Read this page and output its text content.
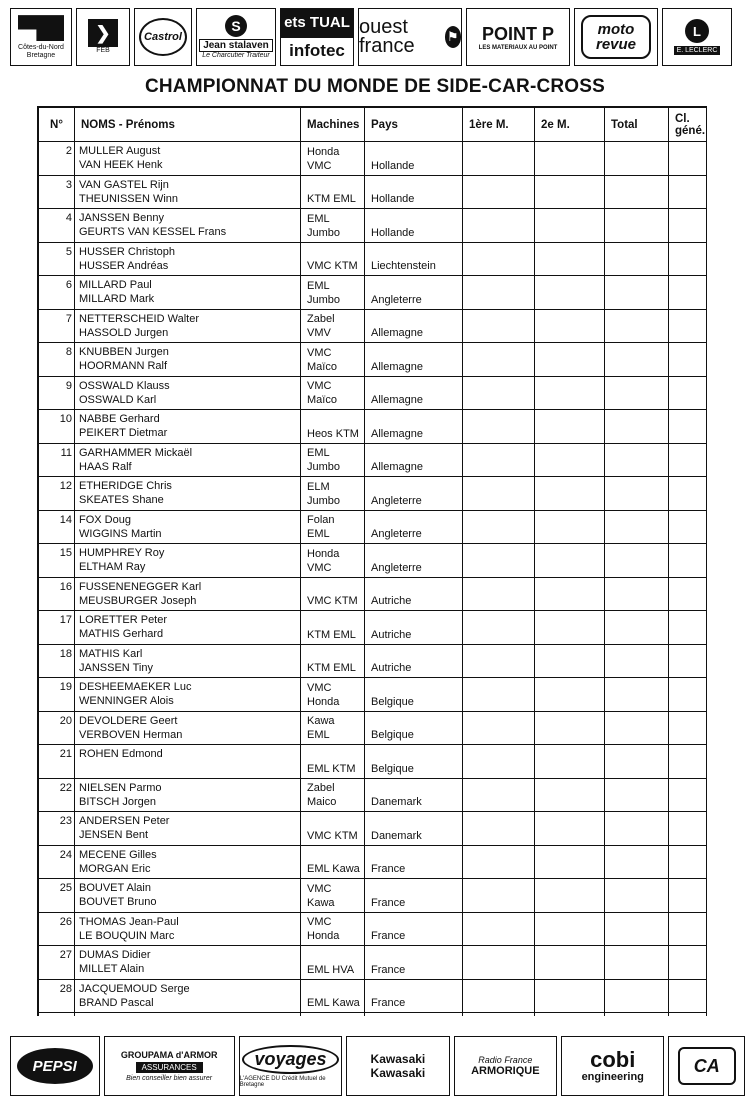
Côtes-du-Nord Bretagne
❯
FEB
Castrol
S
Jean stalaven
Le Charcutier Traiteur
ets TUAL
infotec
ouest france	⚑ POINT P
LES MATERIAUX AU POINT
moto
revue
L
E. LECLERC
CHAMPIONNAT DU MONDE DE SIDE-CAR-CROSS
N°	NOMS - Prénoms	Machines	Pays	1ère M.	2e M.	Total	Cl. géné.
2	MULLER August
VAN HEEK Henk	Honda VMC	Hollande				
3	VAN GASTEL Rijn
THEUNISSEN Winn	KTM EML	Hollande				
4	JANSSEN Benny
GEURTS VAN KESSEL Frans	EML Jumbo	Hollande				
5	HUSSER Christoph
HUSSER Andréas	VMC KTM	Liechtenstein				
6	MILLARD Paul
MILLARD Mark	EML Jumbo	Angleterre				
7	NETTERSCHEID Walter
HASSOLD Jurgen	Zabel VMV	Allemagne				
8	KNUBBEN Jurgen
HOORMANN Ralf	VMC Maïco	Allemagne				
9	OSSWALD Klauss
OSSWALD Karl	VMC Maïco	Allemagne				
10	NABBE Gerhard
PEIKERT Dietmar	Heos KTM	Allemagne				
11	GARHAMMER Mickaël
HAAS Ralf	EML Jumbo	Allemagne				
12	ETHERIDGE Chris
SKEATES Shane	ELM Jumbo	Angleterre				
14	FOX Doug
WIGGINS Martin	Folan EML	Angleterre				
15	HUMPHREY Roy
ELTHAM Ray	Honda VMC	Angleterre				
16	FUSSENENEGGER Karl
MEUSBURGER Joseph	VMC KTM	Autriche				
17	LORETTER Peter
MATHIS Gerhard	KTM EML	Autriche				
18	MATHIS Karl
JANSSEN Tiny	KTM EML	Autriche				
19	DESHEEMAEKER Luc
WENNINGER Alois	VMC Honda	Belgique				
20	DEVOLDERE Geert
VERBOVEN Herman	Kawa EML	Belgique				
21	ROHEN Edmond	EML KTM	Belgique				
22	NIELSEN Parmo
BITSCH Jorgen	Zabel Maico	Danemark				
23	ANDERSEN Peter
JENSEN Bent	VMC KTM	Danemark				
24	MECENE Gilles
MORGAN Eric	EML Kawa	France				
25	BOUVET Alain
BOUVET Bruno	VMC Kawa	France				
26	THOMAS Jean-Paul
LE BOUQUIN Marc	VMC Honda	France				
27	DUMAS Didier
MILLET Alain	EML HVA	France				
28	JACQUEMOUD Serge
BRAND Pascal	EML Kawa	France				

PEPSI
GROUPAMA d'ARMOR
ASSURANCES
Bien conseiller bien assurer
voyages
L'AGENCE DU Crédit Mutuel de Bretagne
Kawasaki
Kawasaki
Radio France
ARMORIQUE cobi
engineering
CA
